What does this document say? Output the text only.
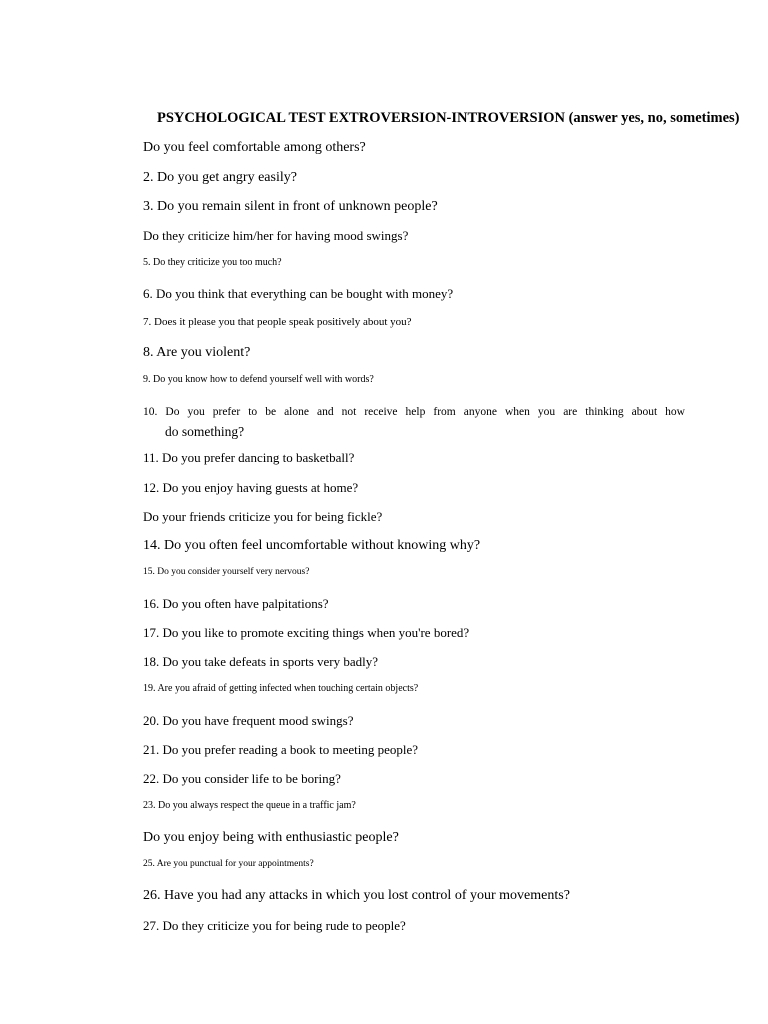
PSYCHOLOGICAL TEST EXTROVERSION-INTROVERSION (answer yes, no, sometimes)
Do you feel comfortable among others?
2. Do you get angry easily?
3. Do you remain silent in front of unknown people?
Do they criticize him/her for having mood swings?
5. Do they criticize you too much?
6. Do you think that everything can be bought with money?
7. Does it please you that people speak positively about you?
8. Are you violent?
9. Do you know how to defend yourself well with words?
10. Do you prefer to be alone and not receive help from anyone when you are thinking about how
do something?
11. Do you prefer dancing to basketball?
12. Do you enjoy having guests at home?
Do your friends criticize you for being fickle?
14. Do you often feel uncomfortable without knowing why?
15. Do you consider yourself very nervous?
16. Do you often have palpitations?
17. Do you like to promote exciting things when you're bored?
18. Do you take defeats in sports very badly?
19. Are you afraid of getting infected when touching certain objects?
20. Do you have frequent mood swings?
21. Do you prefer reading a book to meeting people?
22. Do you consider life to be boring?
23. Do you always respect the queue in a traffic jam?
Do you enjoy being with enthusiastic people?
25. Are you punctual for your appointments?
26. Have you had any attacks in which you lost control of your movements?
27. Do they criticize you for being rude to people?
